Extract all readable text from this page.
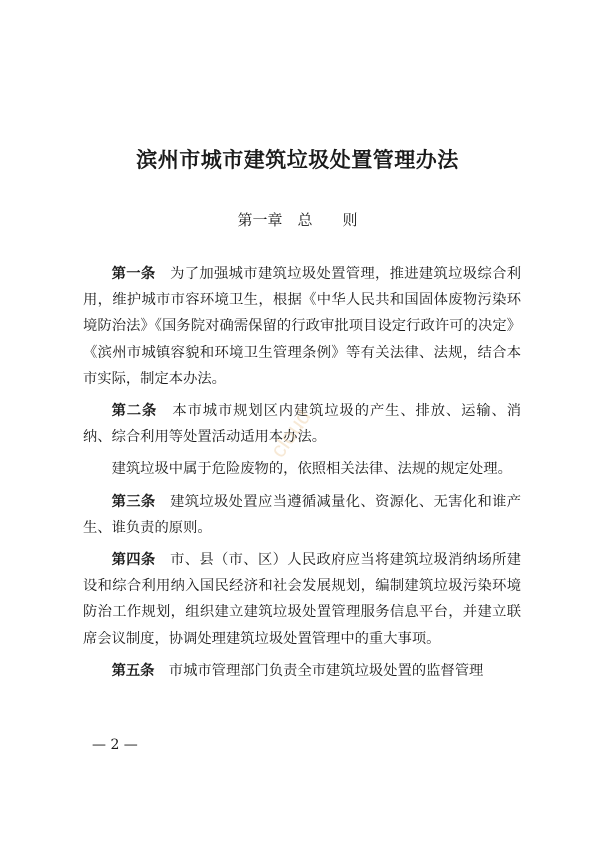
滨州市城市建筑垃圾处置管理办法

第一章　总　　则

第一条　 为了加强城市建筑垃圾处置管理，推进建筑垃圾综合利用，维护城市市容环境卫生，根据《中华人民共和国固体废物污染环境防治法》《国务院对确需保留的行政审批项目设定行政许可的决定》《滨州市城镇容貌和环境卫生管理条例》等有关法律、法规，结合本市实际，制定本办法。

第二条　 本市城市规划区内建筑垃圾的产生、排放、运输、消纳、综合利用等处置活动适用本办法。

建筑垃圾中属于危险废物的，依照相关法律、法规的规定处理。

第三条　 建筑垃圾处置应当遵循减量化、资源化、无害化和谁产生、谁负责的原则。

第四条　 市、县（市、区）人民政府应当将建筑垃圾消纳场所建设和综合利用纳入国民经济和社会发展规划，编制建筑垃圾污染环境防治工作规划，组织建立建筑垃圾处置管理服务信息平台，并建立联席会议制度，协调处理建筑垃圾处置管理中的重大事项。

第五条　 市城市管理部门负责全市建筑垃圾处置的监督管理

cloud

— 2 —
